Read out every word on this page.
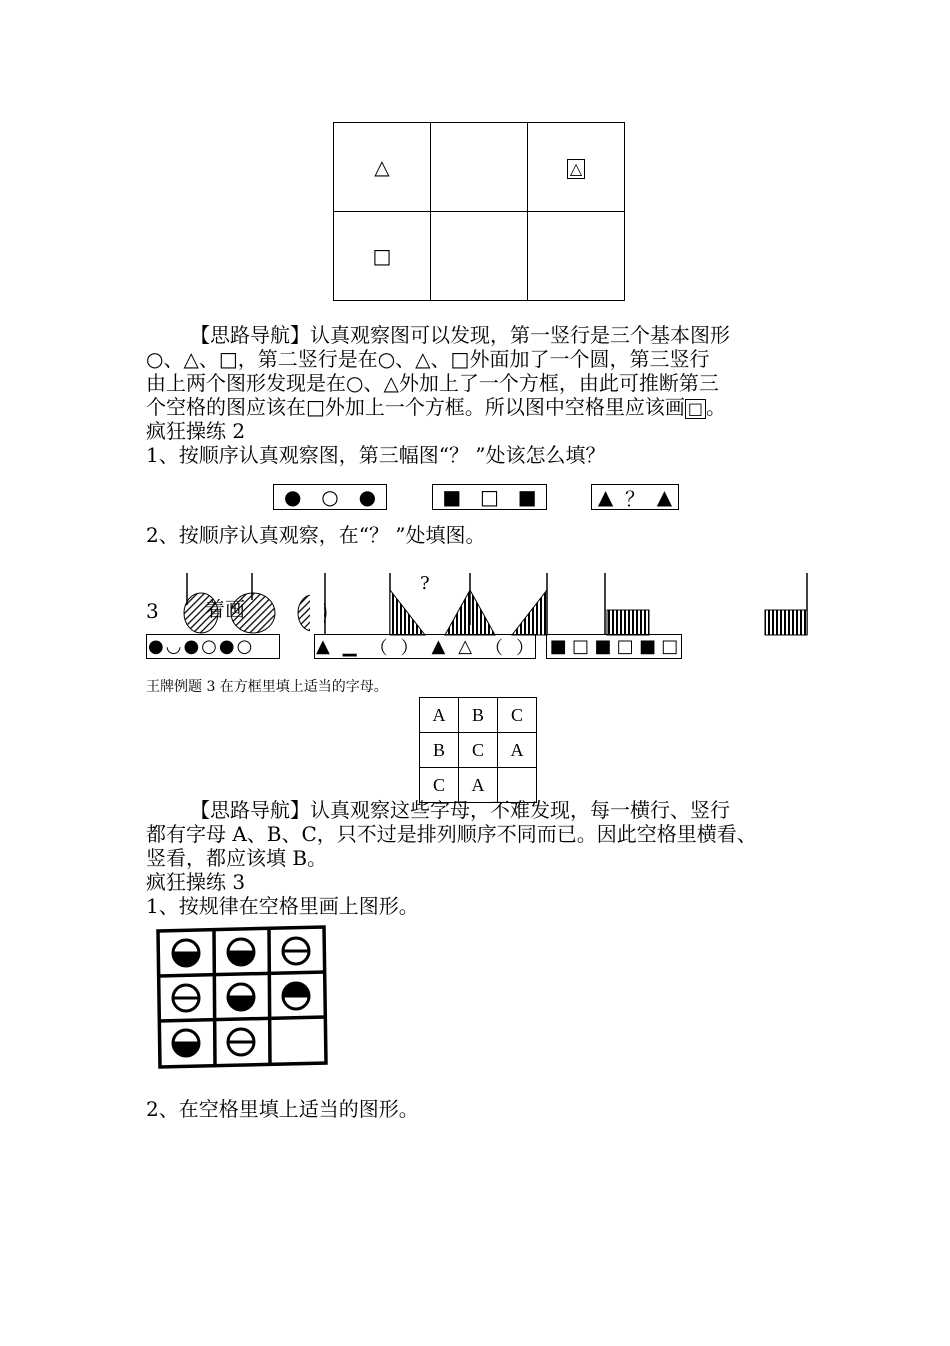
△		△
□		
【思路导航】认真观察图可以发现，第一竖行是三个基本图形
○、△、□，第二竖行是在○、△、□外面加了一个圆，第三竖行
由上两个图形发现是在○、△外加上了一个方框，由此可推断第三
个空格的图应该在□外加上一个方框。所以图中空格里应该画 □ 。
疯狂操练 2
1、按顺序认真观察图，第三幅图“？ ”处该怎么填？
● ○ ●	■ □ ■	▲ ？ ▲
2、按顺序认真观察，在“？ ”处填图。
?
3 着画
● ◡ ● ○ ● ○	▲ ▁ （ ） ▲ △ （ ） ■ □ ■ □ ■ □
王牌例题 3 在方框里填上适当的字母。
A	B	C
B	C	A
C	A	
【思路导航】认真观察这些字母，不难发现，每一横行、竖行
都有字母 A、B、C，只不过是排列顺序不同而已。因此空格里横看、
竖看，都应该填 B。
疯狂操练 3
1、按规律在空格里画上图形。
2、在空格里填上适当的图形。
